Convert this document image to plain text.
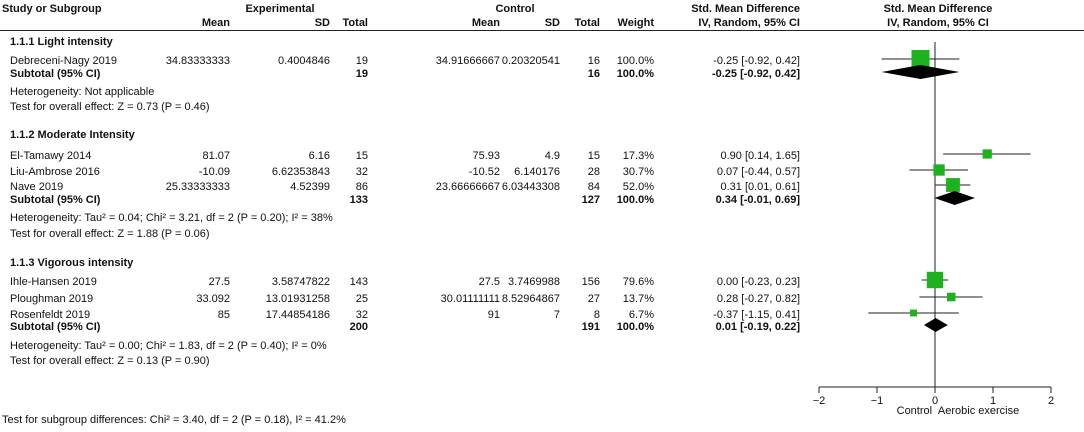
Study or Subgroup	Experimental
Mean	SD	Total
Control
Mean	SD	Total	Weight
Std. Mean Difference
IV, Random, 95% CI
Std. Mean Difference
IV, Random, 95% CI
1.1.1 Light intensity
Debreceni-Nagy 2019	34.83333333	0.4004846	19	34.91666667 0.20320541	16	100.0%	-0.25 [-0.92, 0.42]
Subtotal (95% CI)	19	16	100.0%	-0.25 [-0.92, 0.42]
Heterogeneity: Not applicable
Test for overall effect: Z = 0.73 (P = 0.46)
1.1.2 Moderate Intensity
El-Tamawy 2014	81.07	6.16	15	75.93	4.9	15	17.3%	0.90 [0.14, 1.65]
Liu-Ambrose 2016	-10.09	6.62353843	32	-10.52	6.140176	28	30.7%	0.07 [-0.44, 0.57]
Nave 2019	25.33333333	4.52399	86	23.66666667 6.03443308	84	52.0%	0.31 [0.01, 0.61]
Subtotal (95% CI)	133	127	100.0%	0.34 [-0.01, 0.69]
Heterogeneity: Tau² = 0.04; Chi² = 3.21, df = 2 (P = 0.20); I² = 38%
Test for overall effect: Z = 1.88 (P = 0.06)
1.1.3 Vigorous intensity
Ihle-Hansen 2019	27.5	3.58747822	143	27.5 3.7469988	156	79.6%	0.00 [-0.23, 0.23]
Ploughman 2019	33.092	13.01931258	25	30.01111111 8.52964867	27	13.7%	0.28 [-0.27, 0.82]
Rosenfeldt 2019	85	17.44854186	32	91	7	8	6.7%	-0.37 [-1.15, 0.41]
Subtotal (95% CI)	200	191	100.0%	0.01 [-0.19, 0.22]
Heterogeneity: Tau² = 0.00; Chi² = 1.83, df = 2 (P = 0.40); I² = 0%
Test for overall effect: Z = 0.13 (P = 0.90)
Test for subgroup differences: Chi² = 3.40, df = 2 (P = 0.18), I² = 41.2%
−2	−1	0	1	2
Control Aerobic exercise
